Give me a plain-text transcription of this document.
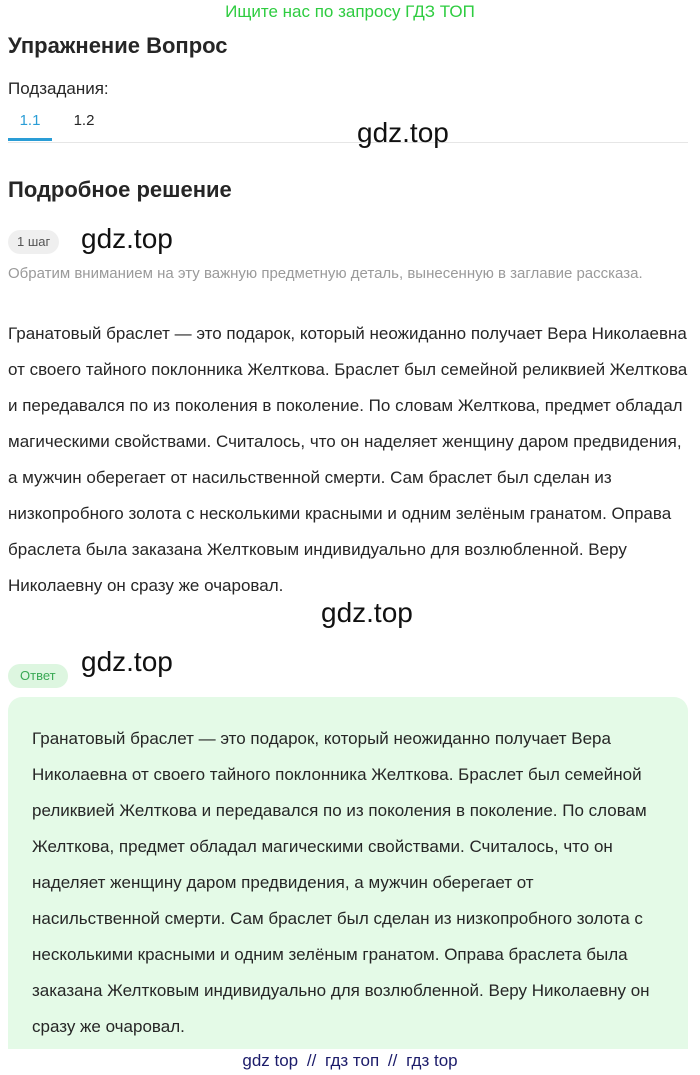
Ищите нас по запросу ГДЗ ТОП
Упражнение Вопрос
Подзадания:
1.1	1.2	gdz.top
Подробное решение
1 шаг	gdz.top
Обратим вниманием на эту важную предметную деталь, вынесенную в заглавие рассказа.
Гранатовый браслет — это подарок, который неожиданно получает Вера Николаевна от своего тайного поклонника Желткова. Браслет был семейной реликвией Желткова и передавался по из поколения в поколение. По словам Желткова, предмет обладал магическими свойствами. Считалось, что он наделяет женщину даром предвидения, а мужчин оберегает от насильственной смерти. Сам браслет был сделан из низкопробного золота с несколькими красными и одним зелёным гранатом. Оправа браслета была заказана Желтковым индивидуально для возлюбленной. Веру Николаевну он сразу же очаровал.
gdz.top
gdz.top
Ответ
Гранатовый браслет — это подарок, который неожиданно получает Вера Николаевна от своего тайного поклонника Желткова. Браслет был семейной реликвией Желткова и передавался по из поколения в поколение. По словам Желткова, предмет обладал магическими свойствами. Считалось, что он наделяет женщину даром предвидения, а мужчин оберегает от насильственной смерти. Сам браслет был сделан из низкопробного золота с несколькими красными и одним зелёным гранатом. Оправа браслета была заказана Желтковым индивидуально для возлюбленной. Веру Николаевну он сразу же очаровал.
gdz top // гдз топ // гдз top
